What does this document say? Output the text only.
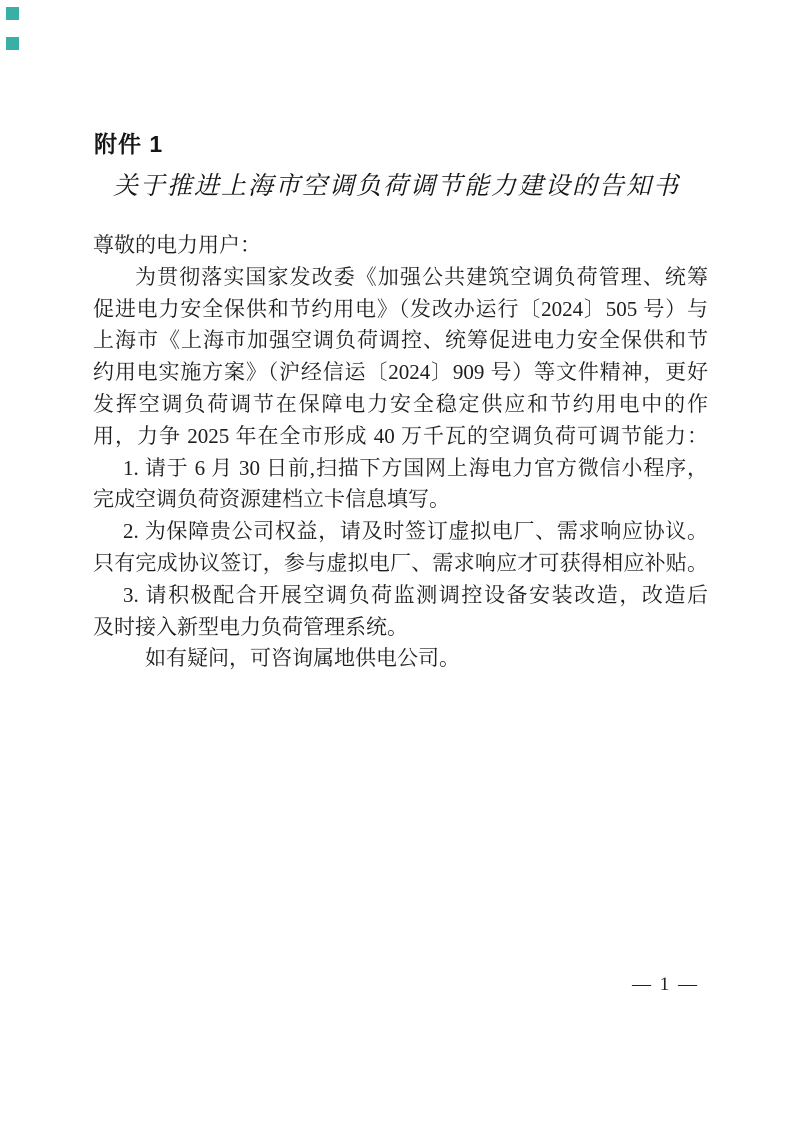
附件 1
关于推进上海市空调负荷调节能力建设的告知书
尊敬的电力用户：
为贯彻落实国家发改委《加强公共建筑空调负荷管理、统筹
促进电力安全保供和节约用电》（发改办运行〔2024〕505 号）与
上海市《上海市加强空调负荷调控、统筹促进电力安全保供和节
约用电实施方案》（沪经信运〔2024〕909 号）等文件精神，更好
发挥空调负荷调节在保障电力安全稳定供应和节约用电中的作
用，力争 2025 年在全市形成 40 万千瓦的空调负荷可调节能力：
1. 请于 6 月 30 日前,扫描下方国网上海电力官方微信小程序，
完成空调负荷资源建档立卡信息填写。
2. 为保障贵公司权益，请及时签订虚拟电厂、需求响应协议。
只有完成协议签订，参与虚拟电厂、需求响应才可获得相应补贴。
3. 请积极配合开展空调负荷监测调控设备安装改造，改造后
及时接入新型电力负荷管理系统。
如有疑问，可咨询属地供电公司。
— 1 —
